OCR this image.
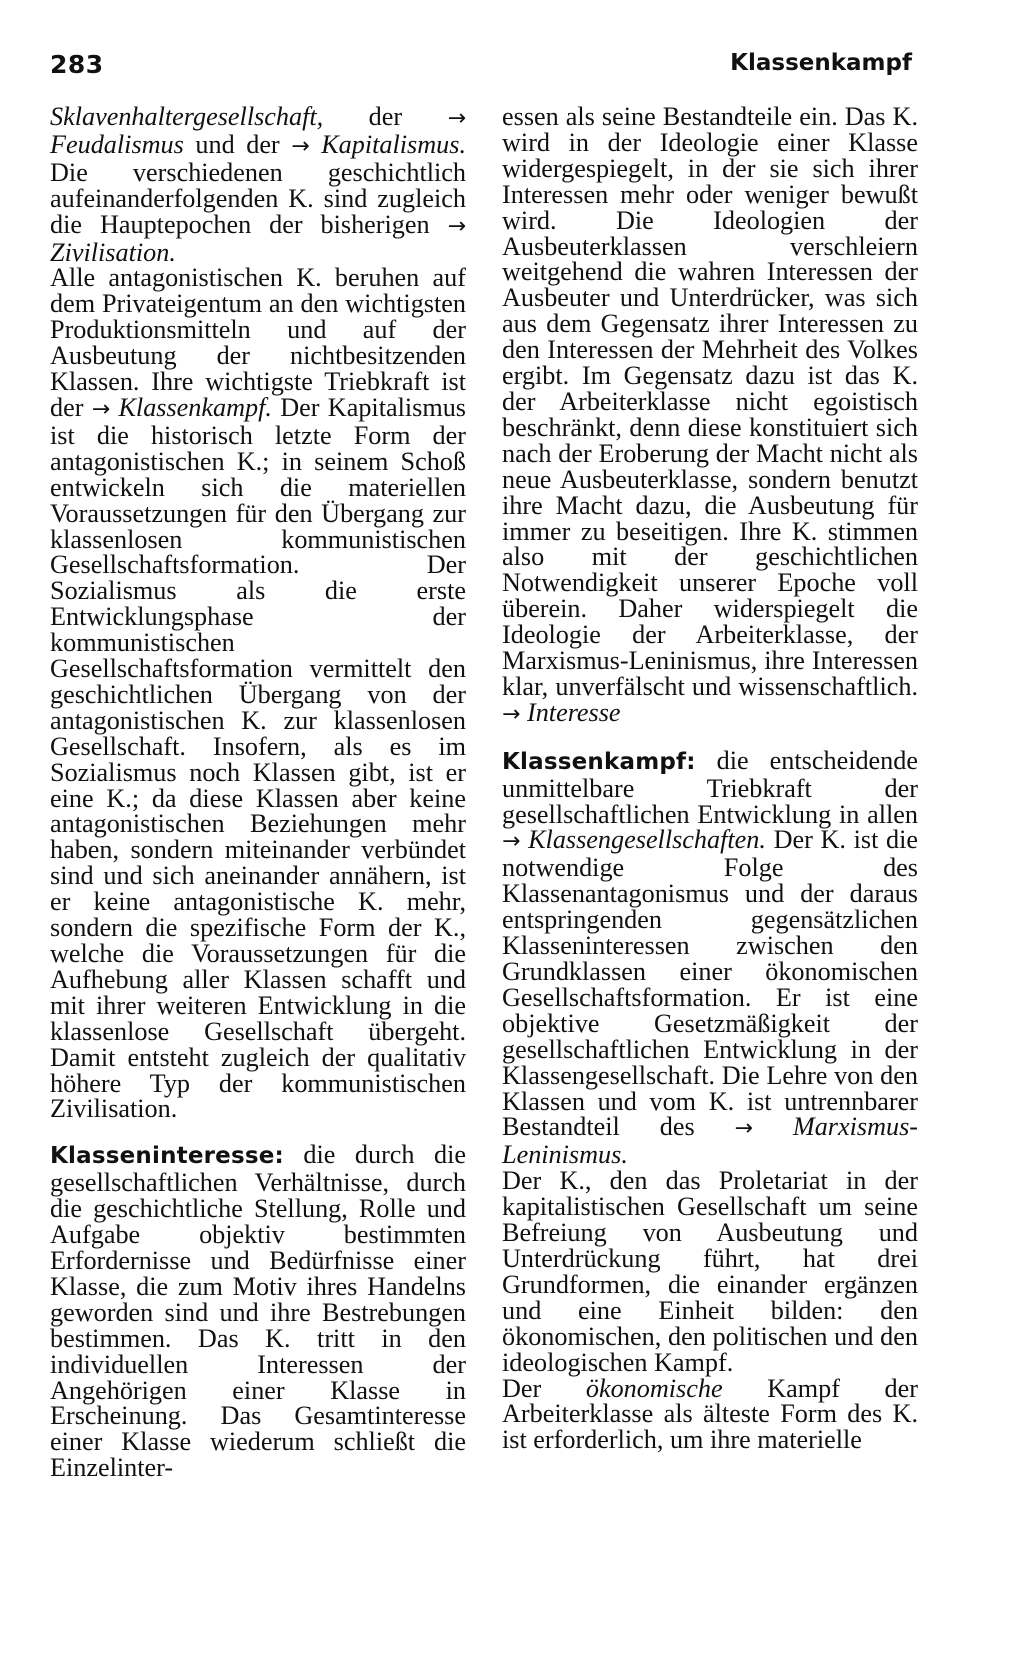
283	Klassenkampf

Sklavenhaltergesellschaft, der → Feudalismus und der → Kapitalismus. Die verschiedenen geschichtlich aufeinanderfolgenden K. sind zugleich die Hauptepochen der bisherigen → Zivilisation.

Alle antagonistischen K. beruhen auf dem Privateigentum an den wichtigsten Produktionsmitteln und auf der Ausbeutung der nichtbesitzenden Klassen. Ihre wichtigste Triebkraft ist der → Klassenkampf. Der Kapitalismus ist die historisch letzte Form der antagonistischen K.; in seinem Schoß entwickeln sich die materiellen Voraussetzungen für den Übergang zur klassenlosen kommunistischen Gesellschaftsformation. Der Sozialismus als die erste Entwicklungsphase der kommunistischen Gesellschaftsformation vermittelt den geschichtlichen Übergang von der antagonistischen K. zur klassenlosen Gesellschaft. Insofern, als es im Sozialismus noch Klassen gibt, ist er eine K.; da diese Klassen aber keine antagonistischen Beziehungen mehr haben, sondern miteinander verbündet sind und sich aneinander annähern, ist er keine antagonistische K. mehr, sondern die spezifische Form der K., welche die Voraussetzungen für die Aufhebung aller Klassen schafft und mit ihrer weiteren Entwicklung in die klassenlose Gesellschaft übergeht. Damit entsteht zugleich der qualitativ höhere Typ der kommunistischen Zivilisation.

Klasseninteresse: die durch die gesellschaftlichen Verhältnisse, durch die geschichtliche Stellung, Rolle und Aufgabe objektiv bestimmten Erfordernisse und Bedürfnisse einer Klasse, die zum Motiv ihres Handelns geworden sind und ihre Bestrebungen bestimmen. Das K. tritt in den individuellen Interessen der Angehörigen einer Klasse in Erscheinung. Das Gesamtinteresse einer Klasse wiederum schließt die Einzelinter-

essen als seine Bestandteile ein. Das K. wird in der Ideologie einer Klasse widergespiegelt, in der sie sich ihrer Interessen mehr oder weniger bewußt wird. Die Ideologien der Ausbeuterklassen verschleiern weitgehend die wahren Interessen der Ausbeuter und Unterdrücker, was sich aus dem Gegensatz ihrer Interessen zu den Interessen der Mehrheit des Volkes ergibt. Im Gegensatz dazu ist das K. der Arbeiterklasse nicht egoistisch beschränkt, denn diese konstituiert sich nach der Eroberung der Macht nicht als neue Ausbeuterklasse, sondern benutzt ihre Macht dazu, die Ausbeutung für immer zu beseitigen. Ihre K. stimmen also mit der geschichtlichen Notwendigkeit unserer Epoche voll überein. Daher widerspiegelt die Ideologie der Arbeiterklasse, der Marxismus-Leninismus, ihre Interessen klar, unverfälscht und wissenschaftlich. → Interesse

Klassenkampf: die entscheidende unmittelbare Triebkraft der gesellschaftlichen Entwicklung in allen → Klassengesellschaften. Der K. ist die notwendige Folge des Klassenantagonismus und der daraus entspringenden gegensätzlichen Klasseninteressen zwischen den Grundklassen einer ökonomischen Gesellschaftsformation. Er ist eine objektive Gesetzmäßigkeit der gesellschaftlichen Entwicklung in der Klassengesellschaft. Die Lehre von den Klassen und vom K. ist untrennbarer Bestandteil des → Marxismus-Leninismus.

Der K., den das Proletariat in der kapitalistischen Gesellschaft um seine Befreiung von Ausbeutung und Unterdrückung führt, hat drei Grundformen, die einander ergänzen und eine Einheit bilden: den ökonomischen, den politischen und den ideologischen Kampf.

Der ökonomische Kampf der Arbeiterklasse als älteste Form des K. ist erforderlich, um ihre materielle
